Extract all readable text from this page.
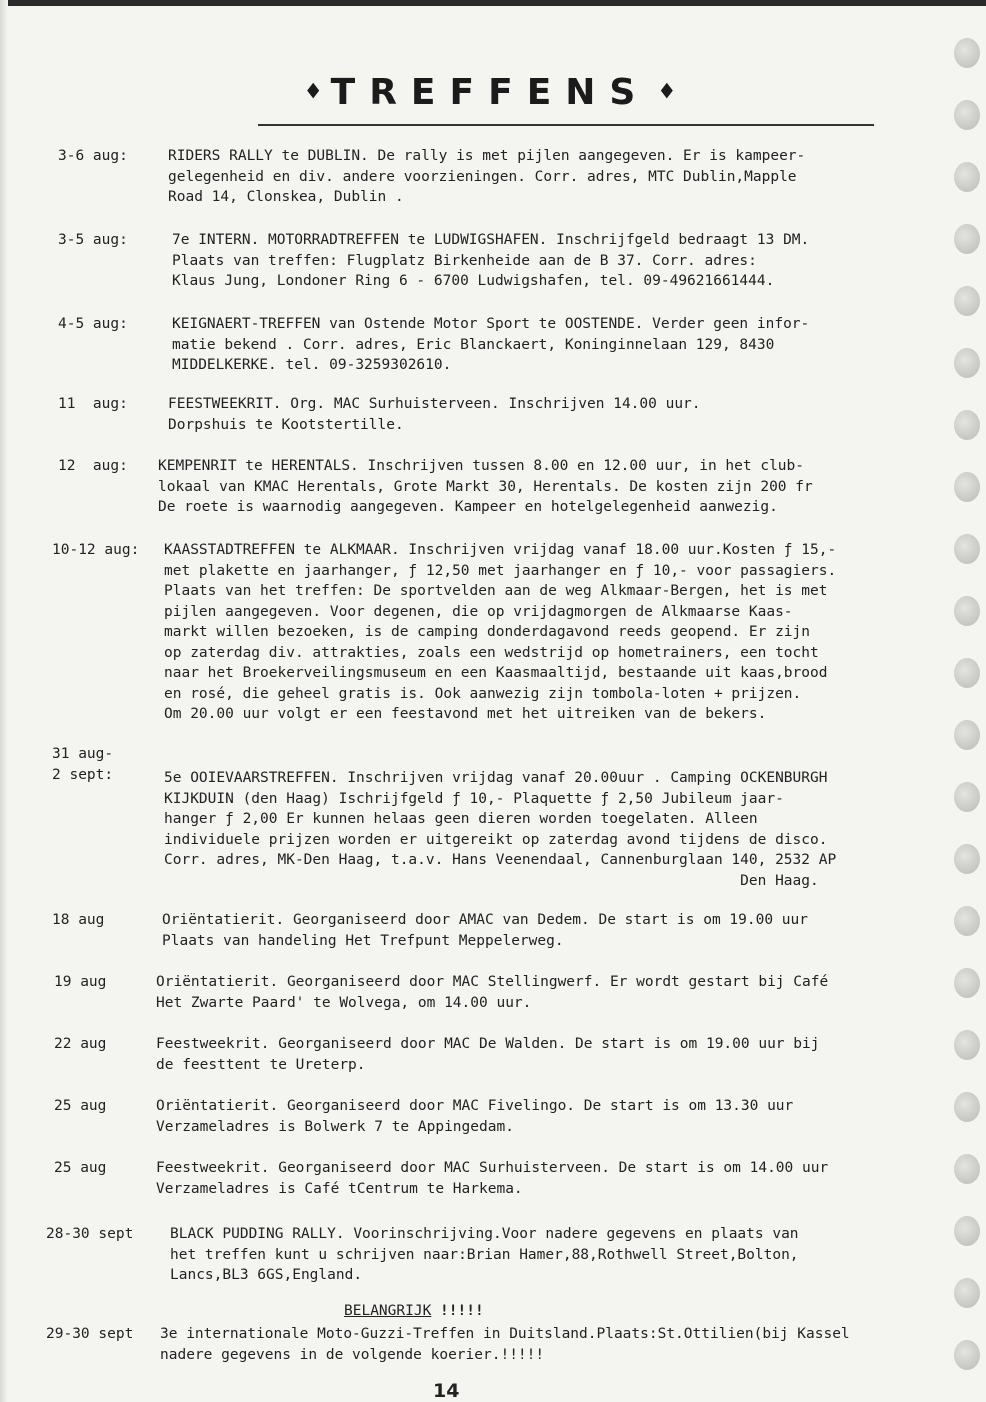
♦ TREFFENS ♦
3-6 aug:	RIDERS RALLY te DUBLIN. De rally is met pijlen aangegeven. Er is kampeer-
gelegenheid en div. andere voorzieningen. Corr. adres, MTC Dublin,Mapple
Road 14, Clonskea, Dublin .
3-5 aug:	7e INTERN. MOTORRADTREFFEN te LUDWIGSHAFEN. Inschrijfgeld bedraagt 13 DM.
Plaats van treffen: Flugplatz Birkenheide aan de B 37. Corr. adres:
Klaus Jung, Londoner Ring 6 - 6700 Ludwigshafen, tel. 09-49621661444.
4-5 aug:	KEIGNAERT-TREFFEN van Ostende Motor Sport te OOSTENDE. Verder geen infor-
matie bekend . Corr. adres, Eric Blanckaert, Koninginnelaan 129, 8430
MIDDELKERKE. tel. 09-3259302610.
11  aug:	FEESTWEEKRIT. Org. MAC Surhuisterveen. Inschrijven 14.00 uur.
Dorpshuis te Kootstertille.
12  aug: KEMPENRIT te HERENTALS. Inschrijven tussen 8.00 en 12.00 uur, in het club-
lokaal van KMAC Herentals, Grote Markt 30, Herentals. De kosten zijn 200 fr
De roete is waarnodig aangegeven. Kampeer en hotelgelegenheid aanwezig.
10-12 aug: KAASSTADTREFFEN te ALKMAAR. Inschrijven vrijdag vanaf 18.00 uur.Kosten ƒ 15,-
met plakette en jaarhanger, ƒ 12,50 met jaarhanger en ƒ 10,- voor passagiers.
Plaats van het treffen: De sportvelden aan de weg Alkmaar-Bergen, het is met
pijlen aangegeven. Voor degenen, die op vrijdagmorgen de Alkmaarse Kaas-
markt willen bezoeken, is de camping donderdagavond reeds geopend. Er zijn
op zaterdag div. attrakties, zoals een wedstrijd op hometrainers, een tocht
naar het Broekerveilingsmuseum en een Kaasmaaltijd, bestaande uit kaas,brood
en rosé, die geheel gratis is. Ook aanwezig zijn tombola-loten + prijzen.
Om 20.00 uur volgt er een feestavond met het uitreiken van de bekers.
31 aug-
2 sept:	5e OOIEVAARSTREFFEN. Inschrijven vrijdag vanaf 20.00uur . Camping OCKENBURGH
KIJKDUIN (den Haag) Ischrijfgeld ƒ 10,- Plaquette ƒ 2,50 Jubileum jaar-
hanger ƒ 2,00 Er kunnen helaas geen dieren worden toegelaten. Alleen
individuele prijzen worden er uitgereikt op zaterdag avond tijdens de disco.
Corr. adres, MK-Den Haag, t.a.v. Hans Veenendaal, Cannenburglaan 140, 2532 AP
Den Haag.
18 aug	Oriëntatierit. Georganiseerd door AMAC van Dedem. De start is om 19.00 uur
Plaats van handeling Het Trefpunt Meppelerweg.
19 aug	Oriëntatierit. Georganiseerd door MAC Stellingwerf. Er wordt gestart bij Café
Het Zwarte Paard' te Wolvega, om 14.00 uur.
22 aug	Feestweekrit. Georganiseerd door MAC De Walden. De start is om 19.00 uur bij
de feesttent te Ureterp.
25 aug	Oriëntatierit. Georganiseerd door MAC Fivelingo. De start is om 13.30 uur
Verzameladres is Bolwerk 7 te Appingedam.
25 aug	Feestweekrit. Georganiseerd door MAC Surhuisterveen. De start is om 14.00 uur
Verzameladres is Café tCentrum te Harkema.
28-30 sept	BLACK PUDDING RALLY. Voorinschrijving.Voor nadere gegevens en plaats van
het treffen kunt u schrijven naar:Brian Hamer,88,Rothwell Street,Bolton,
Lancs,BL3 6GS,England.
BELANGRIJK !!!!!
29-30 sept 3e internationale Moto-Guzzi-Treffen in Duitsland.Plaats:St.Ottilien(bij Kassel
nadere gegevens in de volgende koerier.!!!!!
14
